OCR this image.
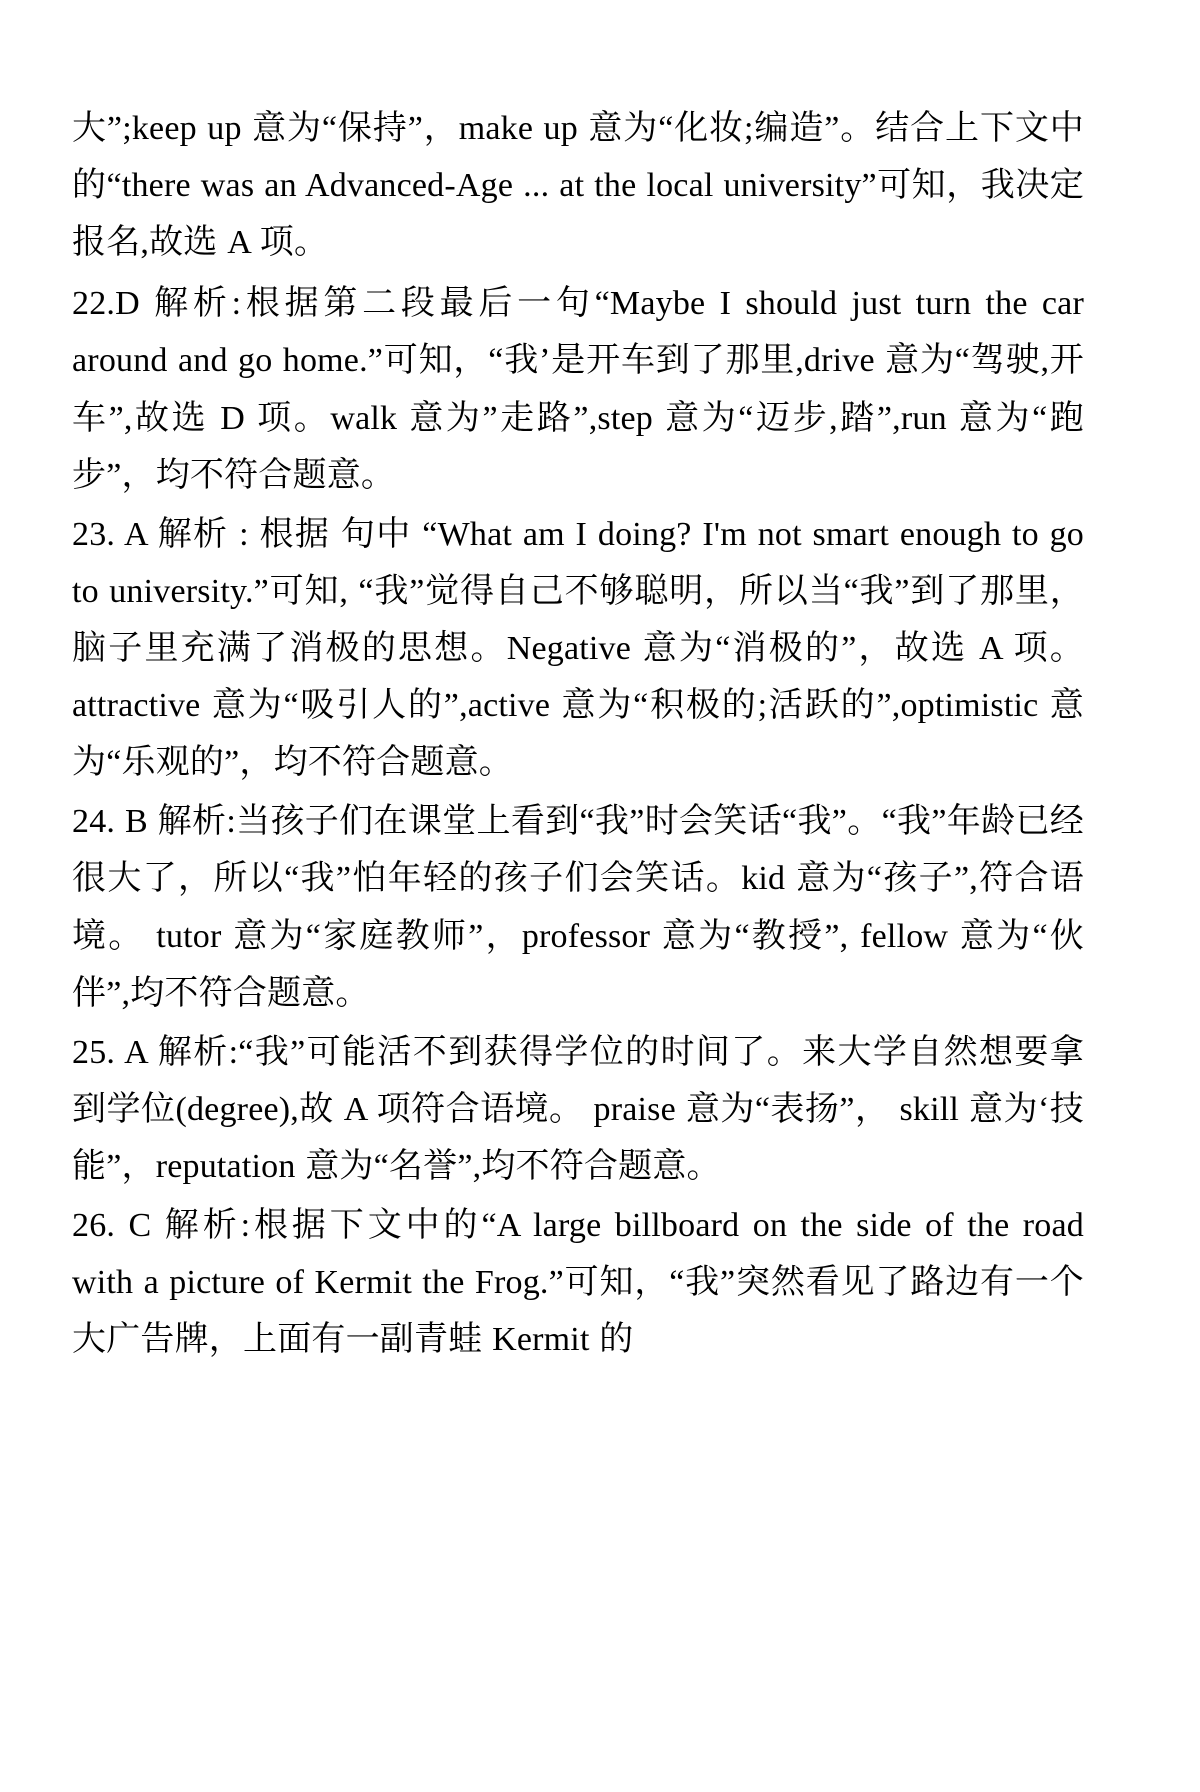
大”;keep up 意为“保持”，make up 意为“化妆;编造”。结合上下文中的“there was an Advanced-Age ... at the local university”可知，我决定报名,故选 A 项。

22.D 解析:根据第二段最后一句“Maybe I should just turn the car around and go home.”可知，“我’是开车到了那里,drive 意为“驾驶,开车”,故选 D 项。walk 意为”走路”,step 意为“迈步,踏”,run 意为“跑步”，均不符合题意。

23. A 解析 : 根据 句中 “What am I doing? I'm not smart enough to go to university.”可知, “我”觉得自己不够聪明，所以当“我”到了那里， 脑子里充满了消极的思想。Negative 意为“消极的”，故选 A 项。attractive 意为“吸引人的”,active 意为“积极的;活跃的”,optimistic 意为“乐观的”，均不符合题意。

24. B 解析:当孩子们在课堂上看到“我”时会笑话“我”。“我”年龄已经很大了，所以“我”怕年轻的孩子们会笑话。kid 意为“孩子”,符合语境。 tutor 意为“家庭教师”，professor 意为“教授”, fellow 意为“伙伴”,均不符合题意。

25. A 解析:“我”可能活不到获得学位的时间了。来大学自然想要拿到学位(degree),故 A 项符合语境。 praise 意为“表扬”， skill 意为‘技能”，reputation 意为“名誉”,均不符合题意。

26. C 解析:根据下文中的“A large billboard on the side of the road with a picture of Kermit the Frog.”可知，“我”突然看见了路边有一个大广告牌，上面有一副青蛙 Kermit 的
